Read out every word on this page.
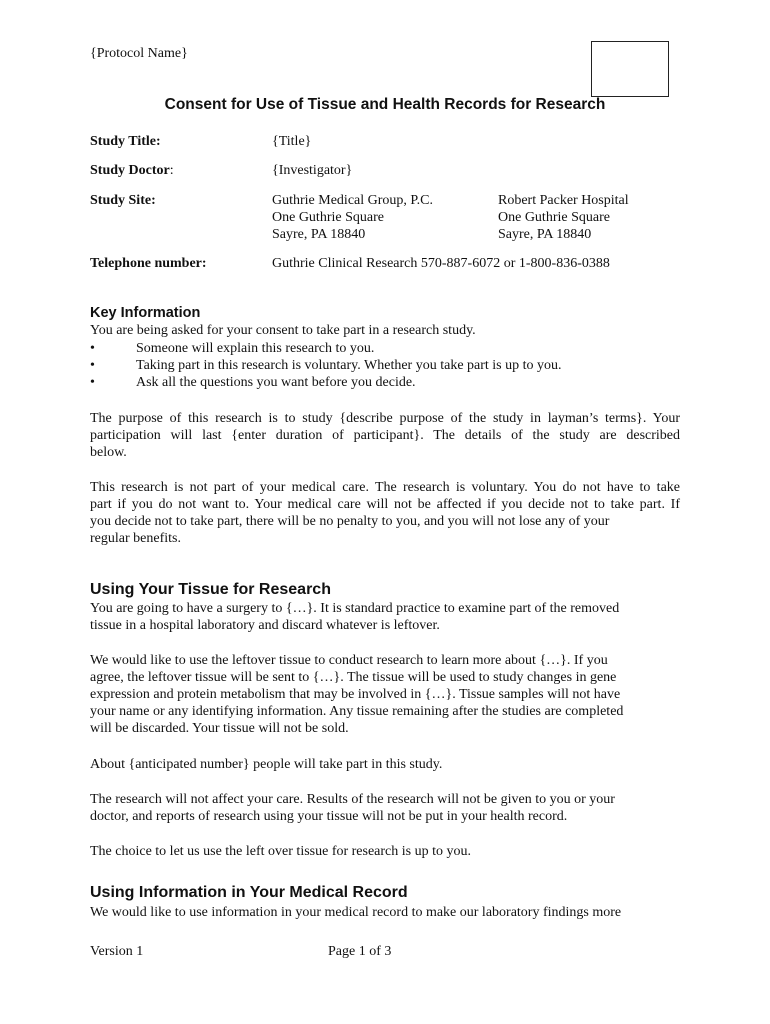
{Protocol Name}
Consent for Use of Tissue and Health Records for Research
Study Title:	{Title}
Study Doctor:	{Investigator}
Study Site:	Guthrie Medical Group, P.C.
One Guthrie Square
Sayre, PA 18840
Robert Packer Hospital
One Guthrie Square
Sayre, PA 18840
Telephone number:	Guthrie Clinical Research 570-887-6072 or 1-800-836-0388
Key Information
You are being asked for your consent to take part in a research study.
•	Someone will explain this research to you.
•	Taking part in this research is voluntary. Whether you take part is up to you.
•	Ask all the questions you want before you decide.
The purpose of this research is to study {describe purpose of the study in layman’s terms}. Your
participation will last {enter duration of participant}. The details of the study are described
below.
This research is not part of your medical care. The research is voluntary. You do not have to take
part if you do not want to. Your medical care will not be affected if you decide not to take part. If
you decide not to take part, there will be no penalty to you, and you will not lose any of your
regular benefits.
Using Your Tissue for Research
You are going to have a surgery to {…}. It is standard practice to examine part of the removed
tissue in a hospital laboratory and discard whatever is leftover.
We would like to use the leftover tissue to conduct research to learn more about {…}. If you
agree, the leftover tissue will be sent to {…}. The tissue will be used to study changes in gene
expression and protein metabolism that may be involved in {…}. Tissue samples will not have
your name or any identifying information. Any tissue remaining after the studies are completed
will be discarded. Your tissue will not be sold.
About {anticipated number} people will take part in this study.
The research will not affect your care. Results of the research will not be given to you or your
doctor, and reports of research using your tissue will not be put in your health record.
The choice to let us use the left over tissue for research is up to you.
Using Information in Your Medical Record
We would like to use information in your medical record to make our laboratory findings more
Version 1	Page 1 of 3
